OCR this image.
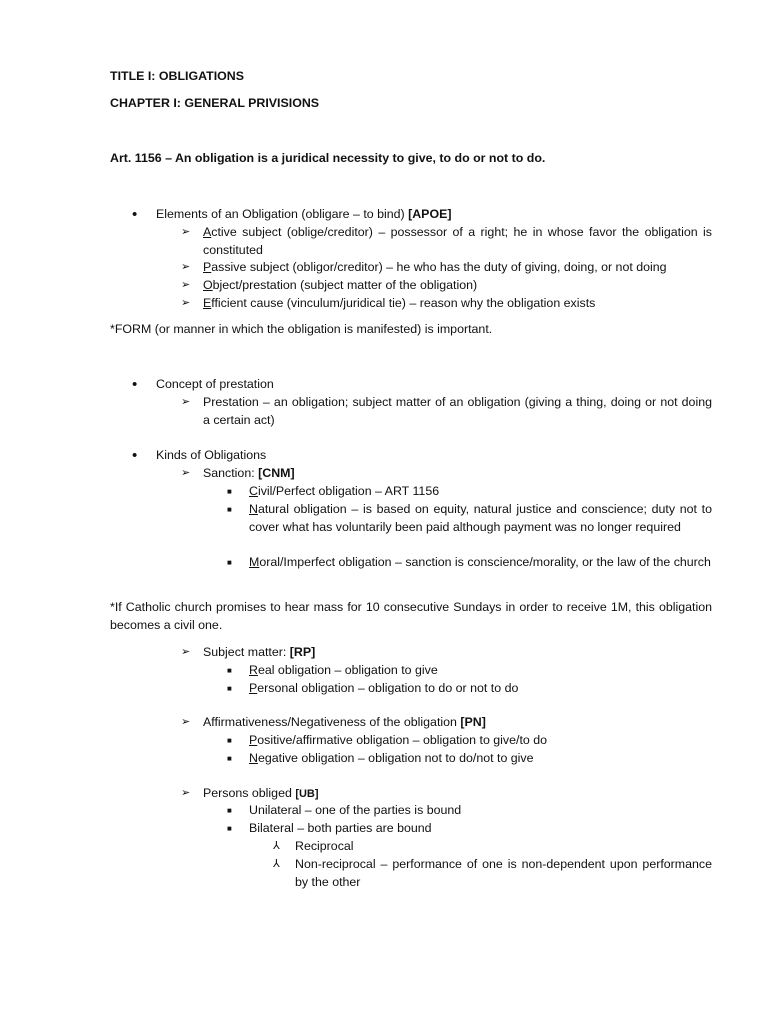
TITLE I: OBLIGATIONS
CHAPTER I: GENERAL PRIVISIONS
Art. 1156 – An obligation is a juridical necessity to give, to do or not to do.
• Elements of an Obligation (obligare – to bind) [APOE]
➢ Active subject (oblige/creditor) – possessor of a right; he in whose favor the obligation is constituted
➢ Passive subject (obligor/creditor) – he who has the duty of giving, doing, or not doing
➢ Object/prestation (subject matter of the obligation)
➢ Efficient cause (vinculum/juridical tie) – reason why the obligation exists
*FORM (or manner in which the obligation is manifested) is important.
• Concept of prestation
➢ Prestation – an obligation; subject matter of an obligation (giving a thing, doing or not doing a certain act)
• Kinds of Obligations
➢ Sanction: [CNM]
■ Civil/Perfect obligation – ART 1156
■ Natural obligation – is based on equity, natural justice and conscience; duty not to cover what has voluntarily been paid although payment was no longer required
■ Moral/Imperfect obligation – sanction is conscience/morality, or the law of the church
*If Catholic church promises to hear mass for 10 consecutive Sundays in order to receive 1M, this obligation becomes a civil one.
➢ Subject matter: [RP]
■ Real obligation – obligation to give
■ Personal obligation – obligation to do or not to do
➢ Affirmativeness/Negativeness of the obligation [PN]
■ Positive/affirmative obligation – obligation to give/to do
■ Negative obligation – obligation not to do/not to give
➢ Persons obliged [UB]
■ Unilateral – one of the parties is bound
■ Bilateral – both parties are bound
⅄ Reciprocal
⅄ Non-reciprocal – performance of one is non-dependent upon performance by the other
